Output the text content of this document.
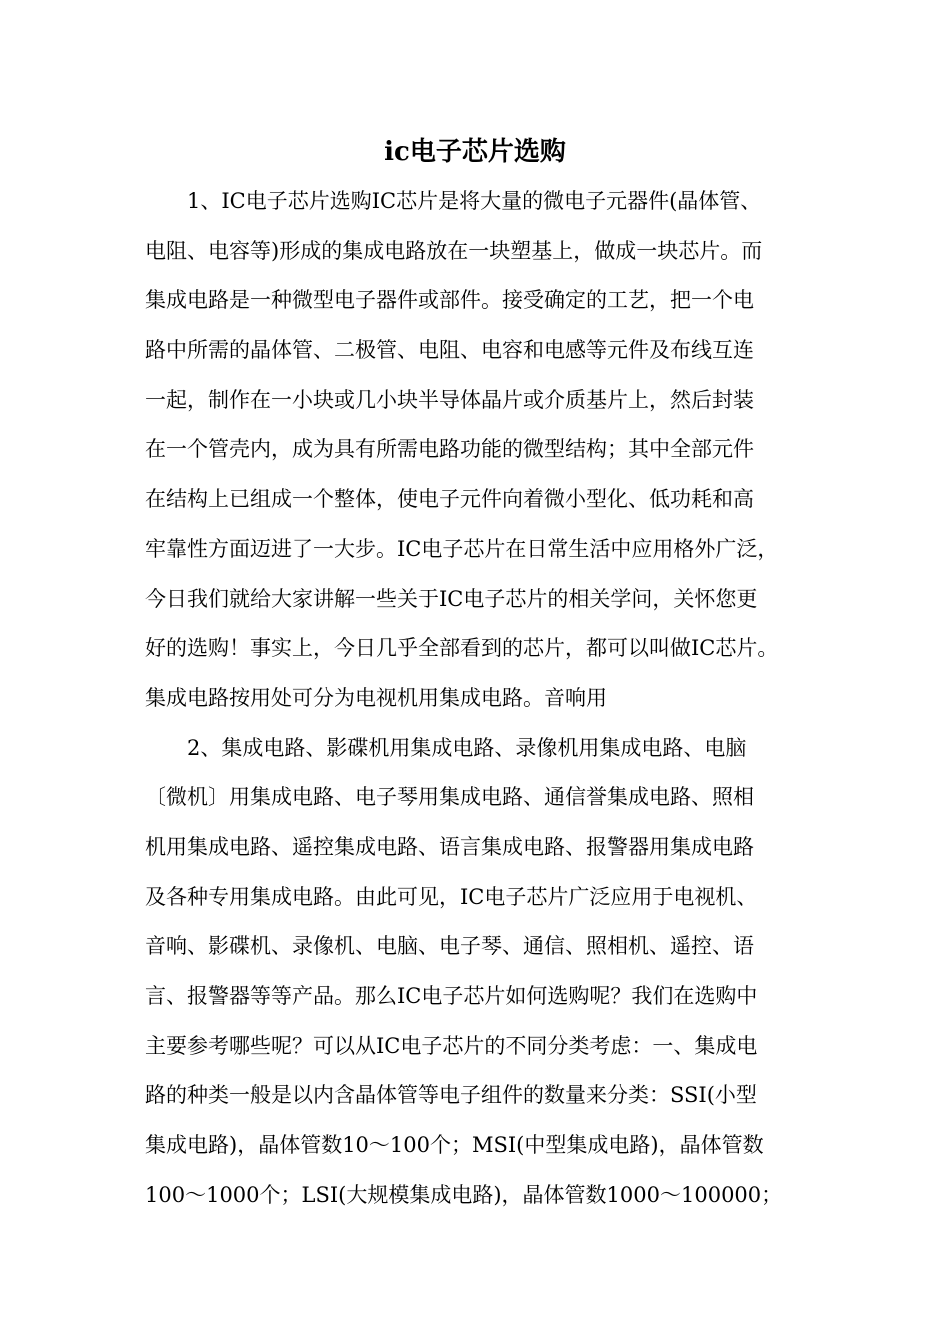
ic电子芯片选购

1、IC电子芯片选购IC芯片是将大量的微电子元器件(晶体管、

电阻、电容等)形成的集成电路放在一块塑基上，做成一块芯片。而

集成电路是一种微型电子器件或部件。接受确定的工艺，把一个电

路中所需的晶体管、二极管、电阻、电容和电感等元件及布线互连

一起，制作在一小块或几小块半导体晶片或介质基片上，然后封装

在一个管壳内，成为具有所需电路功能的微型结构；其中全部元件

在结构上已组成一个整体，使电子元件向着微小型化、低功耗和高

牢靠性方面迈进了一大步。IC电子芯片在日常生活中应用格外广泛，

今日我们就给大家讲解一些关于IC电子芯片的相关学问，关怀您更

好的选购！事实上，今日几乎全部看到的芯片，都可以叫做IC芯片。

集成电路按用处可分为电视机用集成电路。音响用

2、集成电路、影碟机用集成电路、录像机用集成电路、电脑

〔微机〕用集成电路、电子琴用集成电路、通信誉集成电路、照相

机用集成电路、遥控集成电路、语言集成电路、报警器用集成电路

及各种专用集成电路。由此可见，IC电子芯片广泛应用于电视机、

音响、影碟机、录像机、电脑、电子琴、通信、照相机、遥控、语

言、报警器等等产品。那么IC电子芯片如何选购呢？我们在选购中

主要参考哪些呢？可以从IC电子芯片的不同分类考虑：一、集成电

路的种类一般是以内含晶体管等电子组件的数量来分类：SSI(小型

集成电路)，晶体管数10～100个；MSI(中型集成电路)，晶体管数

100～1000个；LSI(大规模集成电路)，晶体管数1000～100000；
